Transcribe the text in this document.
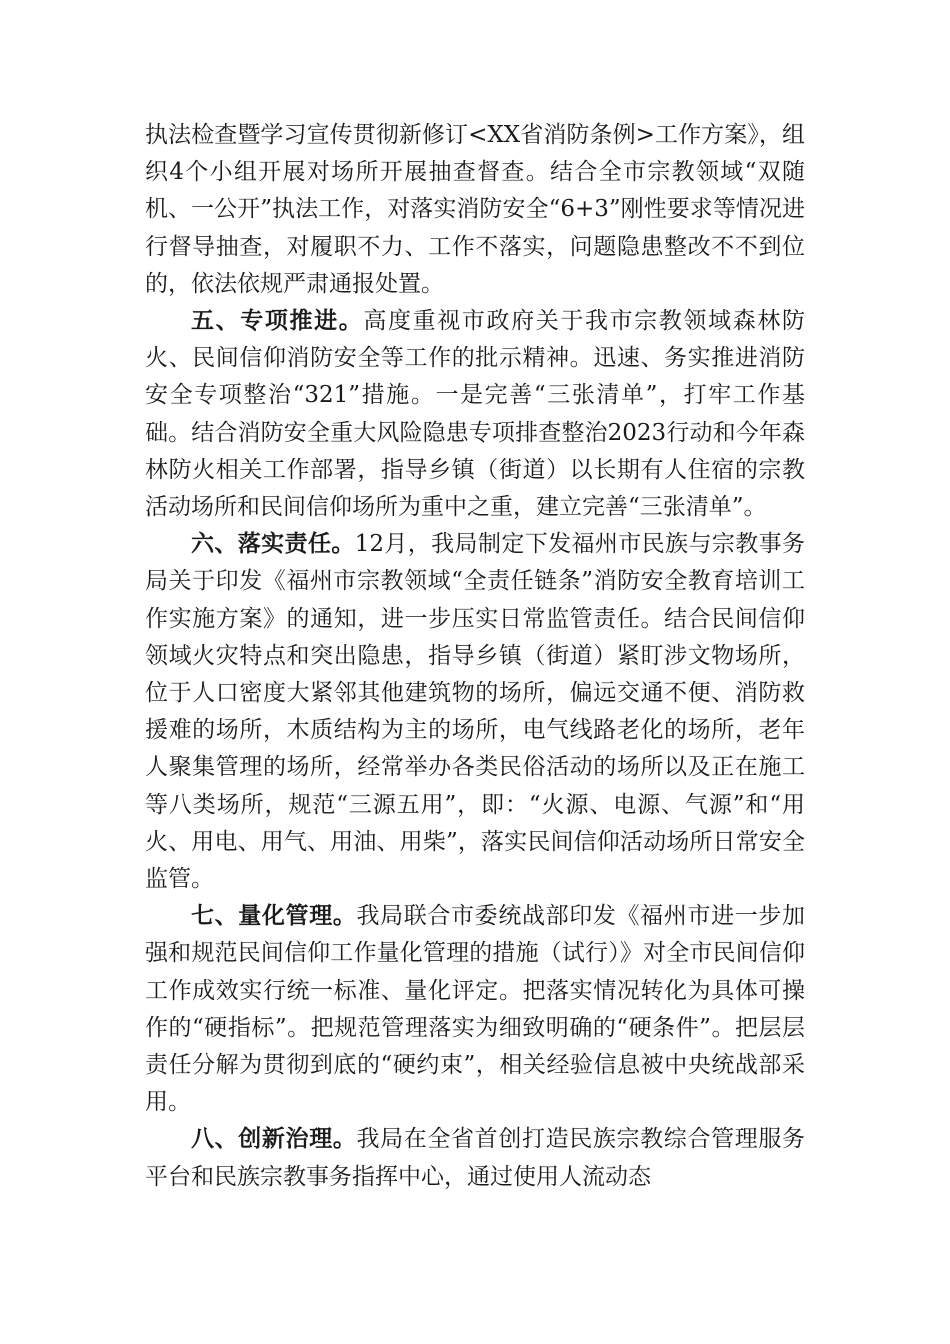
执法检查暨学习宣传贯彻新修订<XX省消防条例>工作方案》，组织4个小组开展对场所开展抽查督查。结合全市宗教领域“双随机、一公开”执法工作，对落实消防安全“6+3”刚性要求等情况进行督导抽查，对履职不力、工作不落实，问题隐患整改不不到位的，依法依规严肃通报处置。

五、专项推进。高度重视市政府关于我市宗教领域森林防火、民间信仰消防安全等工作的批示精神。迅速、务实推进消防安全专项整治“321”措施。一是完善“三张清单”，打牢工作基础。结合消防安全重大风险隐患专项排查整治2023行动和今年森林防火相关工作部署，指导乡镇（街道）以长期有人住宿的宗教活动场所和民间信仰场所为重中之重，建立完善“三张清单”。

六、落实责任。12月，我局制定下发福州市民族与宗教事务局关于印发《福州市宗教领域“全责任链条”消防安全教育培训工作实施方案》的通知，进一步压实日常监管责任。结合民间信仰领域火灾特点和突出隐患，指导乡镇（街道）紧盯涉文物场所，位于人口密度大紧邻其他建筑物的场所，偏远交通不便、消防救援难的场所，木质结构为主的场所，电气线路老化的场所，老年人聚集管理的场所，经常举办各类民俗活动的场所以及正在施工等八类场所，规范“三源五用”，即：“火源、电源、气源”和“用火、用电、用气、用油、用柴”，落实民间信仰活动场所日常安全监管。

七、量化管理。我局联合市委统战部印发《福州市进一步加强和规范民间信仰工作量化管理的措施（试行）》对全市民间信仰工作成效实行统一标准、量化评定。把落实情况转化为具体可操作的“硬指标”。把规范管理落实为细致明确的“硬条件”。把层层责任分解为贯彻到底的“硬约束”，相关经验信息被中央统战部采用。

八、创新治理。我局在全省首创打造民族宗教综合管理服务平台和民族宗教事务指挥中心，通过使用人流动态
